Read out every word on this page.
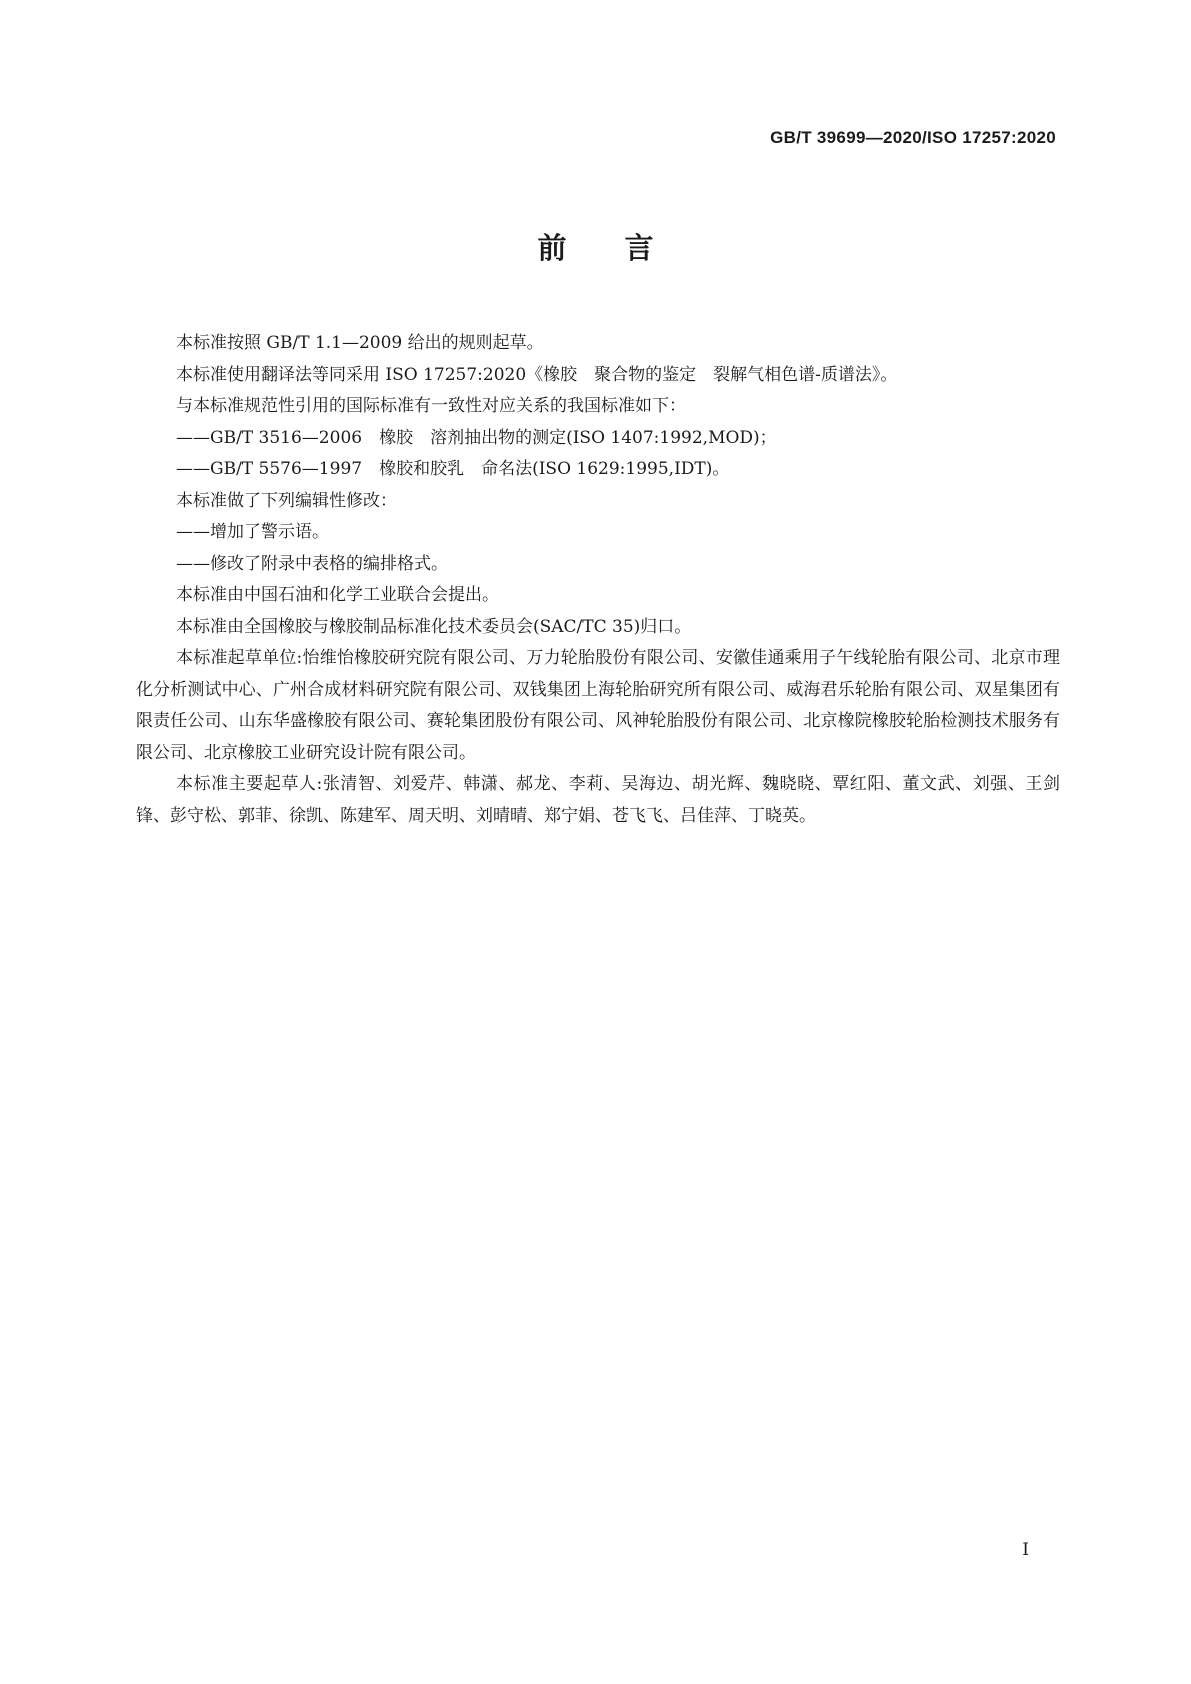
GB/T 39699—2020/ISO 17257:2020
前言

本标准按照 GB/T 1.1—2009 给出的规则起草。

本标准使用翻译法等同采用 ISO 17257:2020《橡胶　聚合物的鉴定　裂解气相色谱-质谱法》。

与本标准规范性引用的国际标准有一致性对应关系的我国标准如下：

——GB/T 3516—2006　橡胶　溶剂抽出物的测定(ISO 1407:1992,MOD)；

——GB/T 5576—1997　橡胶和胶乳　命名法(ISO 1629:1995,IDT)。

本标准做了下列编辑性修改：

——增加了警示语。

——修改了附录中表格的编排格式。

本标准由中国石油和化学工业联合会提出。

本标准由全国橡胶与橡胶制品标准化技术委员会(SAC/TC 35)归口。

本标准起草单位:怡维怡橡胶研究院有限公司、万力轮胎股份有限公司、安徽佳通乘用子午线轮胎有限公司、北京市理化分析测试中心、广州合成材料研究院有限公司、双钱集团上海轮胎研究所有限公司、威海君乐轮胎有限公司、双星集团有限责任公司、山东华盛橡胶有限公司、赛轮集团股份有限公司、风神轮胎股份有限公司、北京橡院橡胶轮胎检测技术服务有限公司、北京橡胶工业研究设计院有限公司。

本标准主要起草人:张清智、刘爱芹、韩潇、郝龙、李莉、吴海边、胡光辉、魏晓晓、覃红阳、董文武、刘强、王剑锋、彭守松、郭菲、徐凯、陈建军、周天明、刘晴晴、郑宁娟、苍飞飞、吕佳萍、丁晓英。

I
